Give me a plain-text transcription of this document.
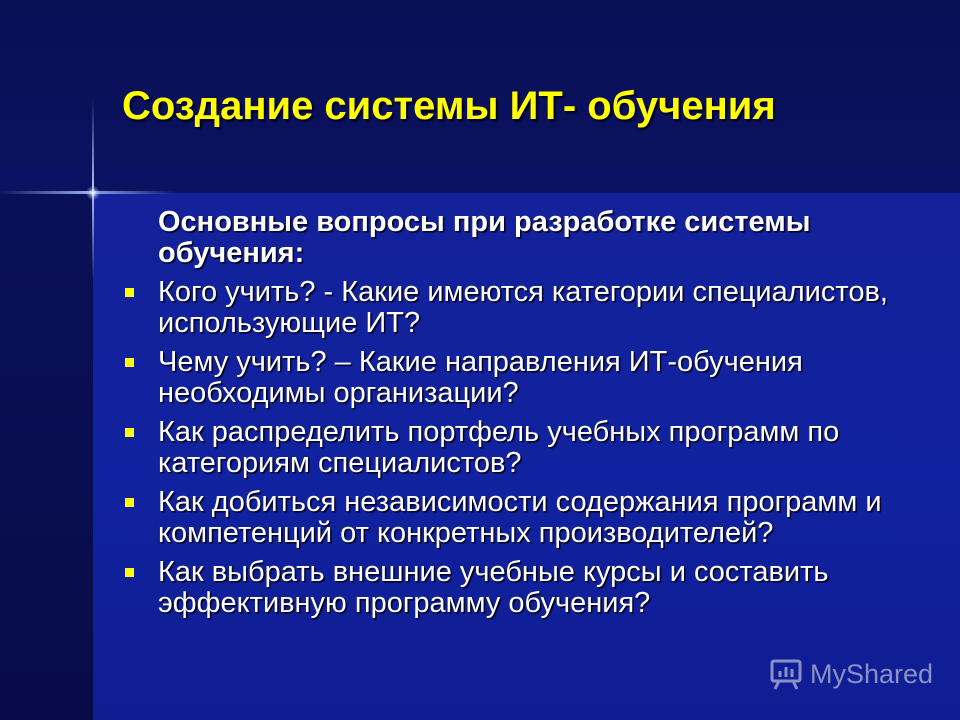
Создание системы ИТ- обучения

Основные вопросы при разработке системы обучения:

Кого учить? - Какие имеются категории специалистов, использующие ИТ?
Чему учить? – Какие направления ИТ-обучения необходимы организации?
Как распределить портфель учебных программ по категориям специалистов?
Как добиться независимости содержания программ и компетенций от конкретных производителей?
Как выбрать внешние учебные курсы и составить эффективную программу обучения?
MyShared
